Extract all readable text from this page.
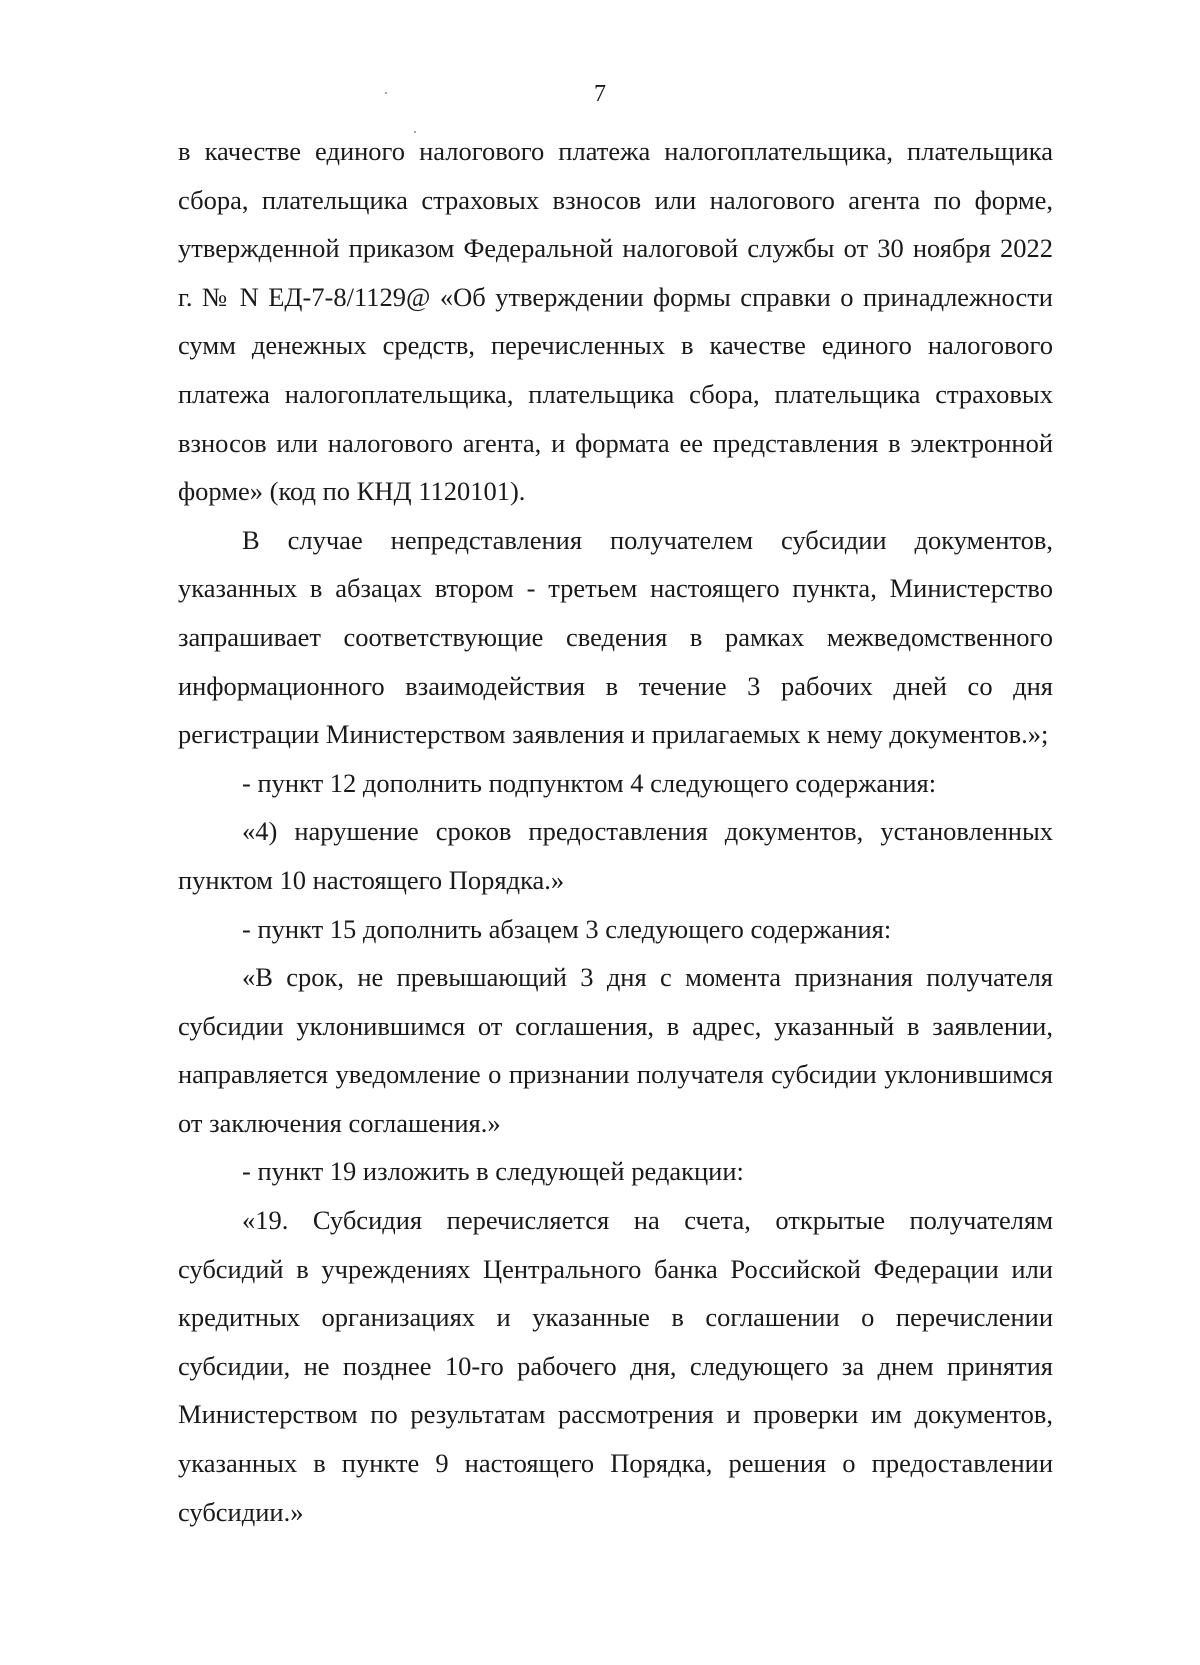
7

в качестве единого налогового платежа налогоплательщика, плательщика сбора, плательщика страховых взносов или налогового агента по форме, утвержденной приказом Федеральной налоговой службы от 30 ноября 2022 г. № N ЕД-7-8/1129@ «Об утверждении формы справки о принадлежности сумм денежных средств, перечисленных в качестве единого налогового платежа налогоплательщика, плательщика сбора, плательщика страховых взносов или налогового агента, и формата ее представления в электронной форме» (код по КНД 1120101).

В случае непредставления получателем субсидии документов, указанных в абзацах втором - третьем настоящего пункта, Министерство запрашивает соответствующие сведения в рамках межведомственного информационного взаимодействия в течение 3 рабочих дней со дня регистрации Министерством заявления и прилагаемых к нему документов.»;

- пункт 12 дополнить подпунктом 4 следующего содержания:

«4) нарушение сроков предоставления документов, установленных пунктом 10 настоящего Порядка.»

- пункт 15 дополнить абзацем 3 следующего содержания:

«В срок, не превышающий 3 дня с момента признания получателя субсидии уклонившимся от соглашения, в адрес, указанный в заявлении, направляется уведомление о признании получателя субсидии уклонившимся от заключения соглашения.»

- пункт 19 изложить в следующей редакции:

«19. Субсидия перечисляется на счета, открытые получателям субсидий в учреждениях Центрального банка Российской Федерации или кредитных организациях и указанные в соглашении о перечислении субсидии, не позднее 10-го рабочего дня, следующего за днем принятия Министерством по результатам рассмотрения и проверки им документов, указанных в пункте 9 настоящего Порядка, решения о предоставлении субсидии.»
